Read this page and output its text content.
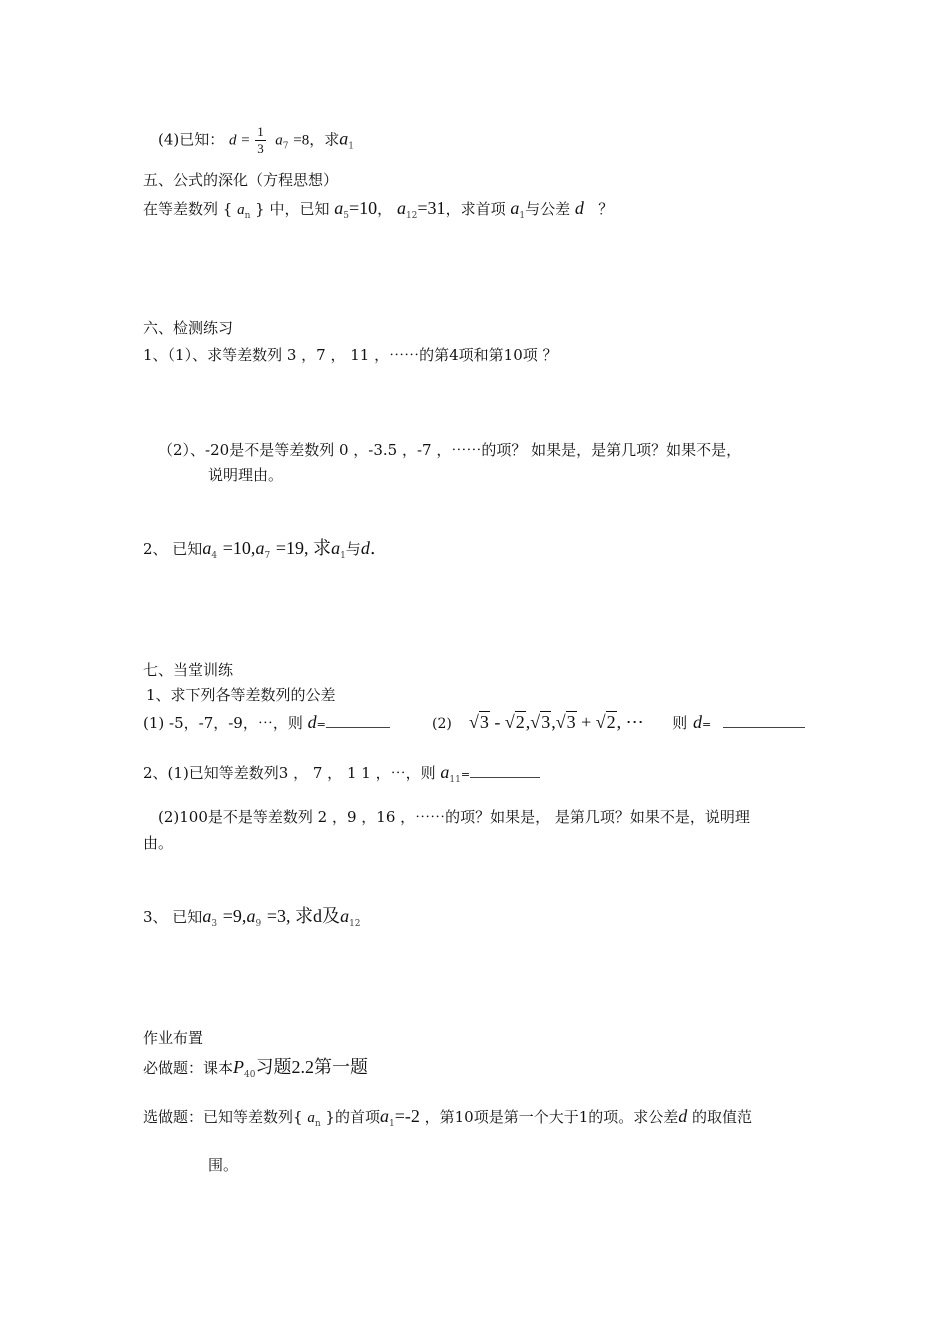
(4)已知： $d = \frac{1}{3} a_7 =8$，求$a_1$
五、公式的深化（方程思想）
在等差数列 { $a_n$ } 中，已知 $a_5=10$， $a_{12}=31$，求首项 $a_1$与公差 d ？
六、检测练习
1、（1）、求等差数列 3 ，7 ， 11 ，⋯⋯的第4项和第10项 ？
（2）、-20是不是等差数列 0 ，-3.5 ，-7 ，⋯⋯的项？ 如果是，是第几项？如果不是，
说明理由。
2、 已知$a_4 =10,a_7 =19$, 求$a_1$与d.
七、当堂训练
1、求下列各等差数列的公差
(1) -5，-7，-9，⋯，则 d=	(2) √3 - √2,√3,√3 + √2, ⋯ 则 d=
2、(1)已知等差数列3 ， 7 ， 1 1 ，⋯，则 $a_{11}=$
(2)100是不是等差数列 2 ，9 ，16 ，⋯⋯的项？如果是， 是第几项？如果不是，说明理
由。
3、 已知$a_3 =9,a_9 =3$, 求d及$a_{12}$
作业布置
必做题：课本$P_{40}$习题2.2第一题
选做题：已知等差数列{ $a_n$ }的首项$a_1=-2$ ，第10项是第一个大于1的项。求公差d 的取值范
围。
